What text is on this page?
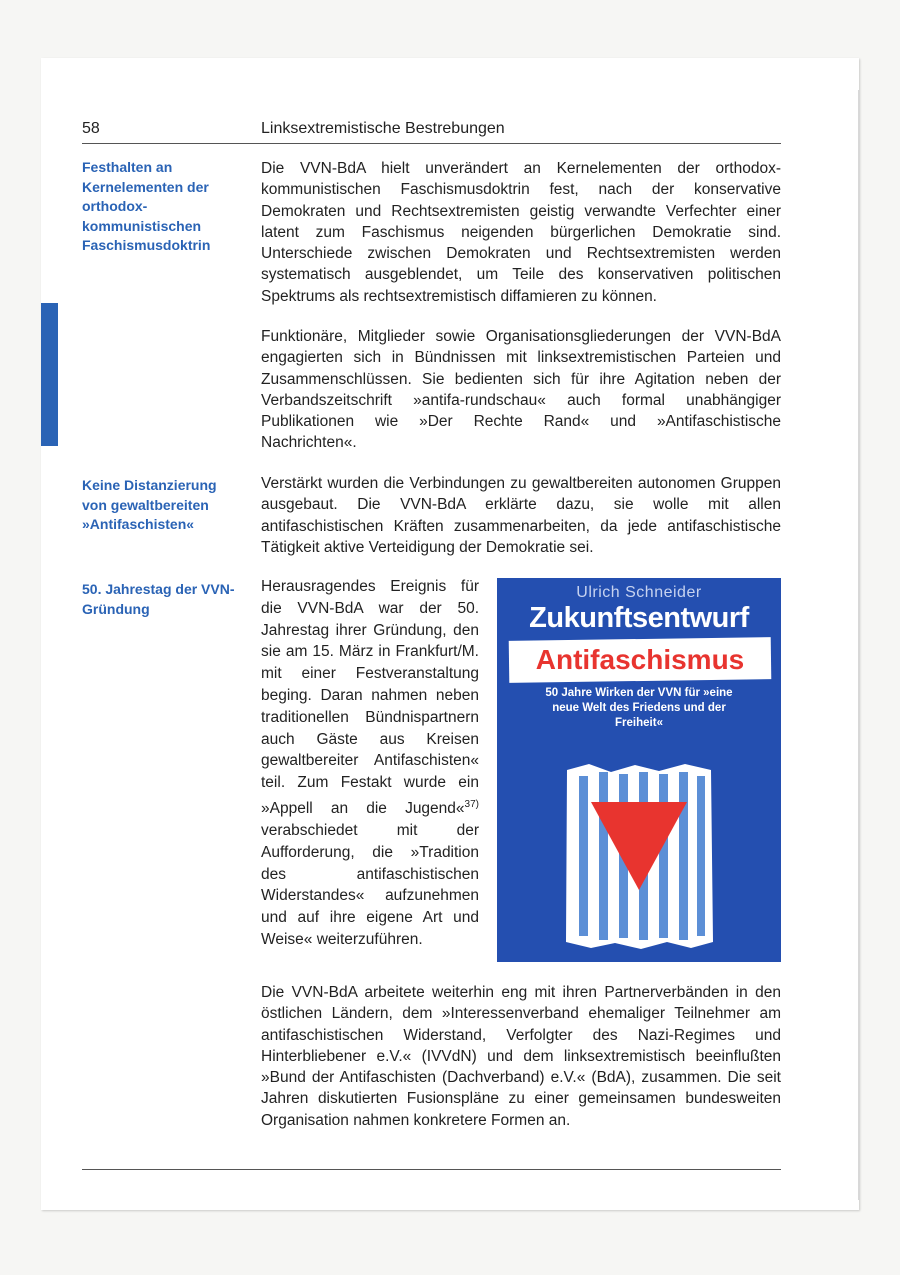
58	Linksextremistische Bestrebungen
Festhalten an Kernelementen der orthodox-kommunistischen Faschismusdoktrin
Keine Distanzierung von gewaltbereiten »Antifaschisten«
50. Jahrestag der VVN-Gründung

Die VVN-BdA hielt unverändert an Kernelementen der orthodox-kommunistischen Faschismusdoktrin fest, nach der konservative Demokraten und Rechtsextremisten geistig verwandte Verfechter einer latent zum Faschismus neigenden bürgerlichen Demokratie sind. Unterschiede zwischen Demokraten und Rechtsextremisten werden systematisch ausgeblendet, um Teile des konservativen politischen Spektrums als rechtsextremistisch diffamieren zu können.

Funktionäre, Mitglieder sowie Organisationsgliederungen der VVN-BdA engagierten sich in Bündnissen mit linksextremistischen Parteien und Zusammenschlüssen. Sie bedienten sich für ihre Agitation neben der Verbandszeitschrift »antifa-rundschau« auch formal unabhängiger Publikationen wie »Der Rechte Rand« und »Antifaschistische Nachrichten«.

Verstärkt wurden die Verbindungen zu gewaltbereiten autonomen Gruppen ausgebaut. Die VVN-BdA erklärte dazu, sie wolle mit allen antifaschistischen Kräften zusammenarbeiten, da jede antifaschistische Tätigkeit aktive Verteidigung der Demokratie sei.

Herausragendes Ereignis für die VVN-BdA war der 50. Jahrestag ihrer Gründung, den sie am 15. März in Frankfurt/M. mit einer Festveranstaltung beging. Daran nahmen neben traditionellen Bündnispartnern auch Gäste aus Kreisen gewaltbereiter Antifaschisten« teil. Zum Festakt wurde ein »Appell an die Jugend«$^{37)}$ verabschiedet mit der Aufforderung, die »Tradition des antifaschistischen Widerstandes« aufzunehmen und auf ihre eigene Art und Weise« weiterzuführen.

Ulrich Schneider
Zukunftsentwurf
Antifaschismus
50 Jahre Wirken der VVN für »eine neue Welt des Friedens und der Freiheit«

Die VVN-BdA arbeitete weiterhin eng mit ihren Partnerverbänden in den östlichen Ländern, dem »Interessenverband ehemaliger Teilnehmer am antifaschistischen Widerstand, Verfolgter des Nazi-Regimes und Hinterbliebener e.V.« (IVVdN) und dem linksextremistisch beeinflußten »Bund der Antifaschisten (Dachverband) e.V.« (BdA), zusammen. Die seit Jahren diskutierten Fusionspläne zu einer gemeinsamen bundesweiten Organisation nahmen konkretere Formen an.
